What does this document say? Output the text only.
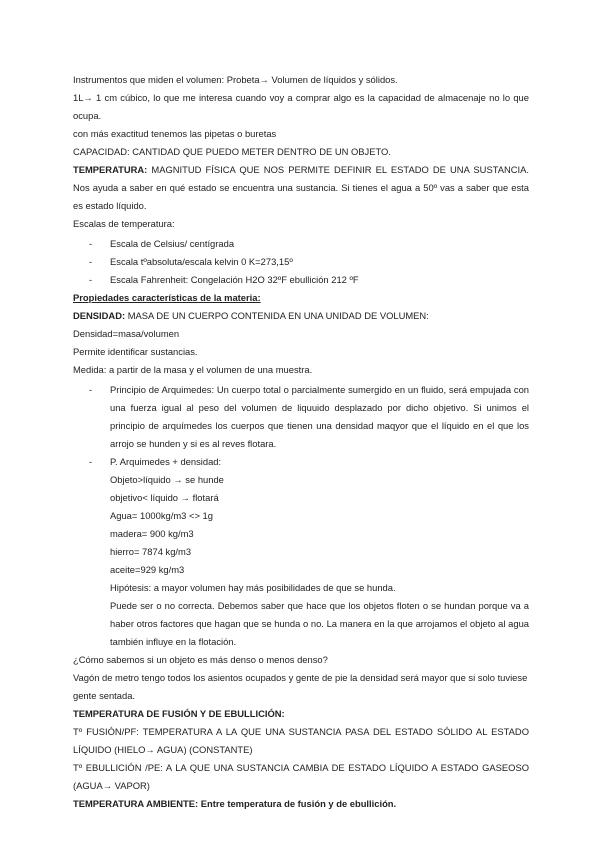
Instrumentos que miden el volumen: Probeta→ Volumen de líquidos y sólidos.

1L→ 1 cm cúbico, lo que me interesa cuando voy a comprar algo es la capacidad de almacenaje no lo que ocupa.

con más exactitud tenemos las pipetas o buretas

CAPACIDAD: CANTIDAD QUE PUEDO METER DENTRO DE UN OBJETO.

TEMPERATURA: MAGNITUD FÍSICA QUE NOS PERMITE DEFINIR EL ESTADO DE UNA SUSTANCIA. Nos ayuda a saber en qué estado se encuentra una sustancia. Si tienes el agua a 50º vas a saber que esta es estado líquido.

Escalas de temperatura:

- Escala de Celsius/ centígrada
- Escala tºabsoluta/escala kelvin 0 K=273,15º
- Escala Fahrenheit: Congelación H2O 32ºF ebullición 212 ºF

Propiedades características de la materia:

DENSIDAD: MASA DE UN CUERPO CONTENIDA EN UNA UNIDAD DE VOLUMEN:

Densidad=masa/volumen

Permite identificar sustancias.

Medida: a partir de la masa y el volumen de una muestra.

- Principio de Arquimedes: Un cuerpo total o parcialmente sumergido en un fluido, será empujada con una fuerza igual al peso del volumen de liquuido desplazado por dicho objetivo. Si unimos el principio de arquímedes los cuerpos que tienen una densidad maqyor que el líquido en el que los arrojo se hunden y si es al reves flotara.
- P. Arquimedes + densidad:

Objeto>líquido → se hunde

objetivo< líquido → flotará

Agua= 1000kg/m3 <> 1g

madera= 900 kg/m3

hierro= 7874 kg/m3

aceite=929 kg/m3

Hipótesis: a mayor volumen hay más posibilidades de que se hunda.

Puede ser o no correcta. Debemos saber que hace que los objetos floten o se hundan porque va a haber otros factores que hagan que se hunda o no. La manera en la que arrojamos el objeto al agua también influye en la flotación.

¿Cómo sabemos si un objeto es más denso o menos denso?

Vagón de metro tengo todos los asientos ocupados y gente de pie la densidad será mayor que si solo tuviese gente sentada.

TEMPERATURA DE FUSIÓN Y DE EBULLICIÓN:

Tº FUSIÓN/PF: TEMPERATURA A LA QUE UNA SUSTANCIA PASA DEL ESTADO SÓLIDO AL ESTADO LÍQUIDO (HIELO→ AGUA) (CONSTANTE)

Tº EBULLICIÓN /PE: A LA QUE UNA SUSTANCIA CAMBIA DE ESTADO LÍQUIDO A ESTADO GASEOSO (AGUA→ VAPOR)

TEMPERATURA AMBIENTE: Entre temperatura de fusión y de ebullición.
